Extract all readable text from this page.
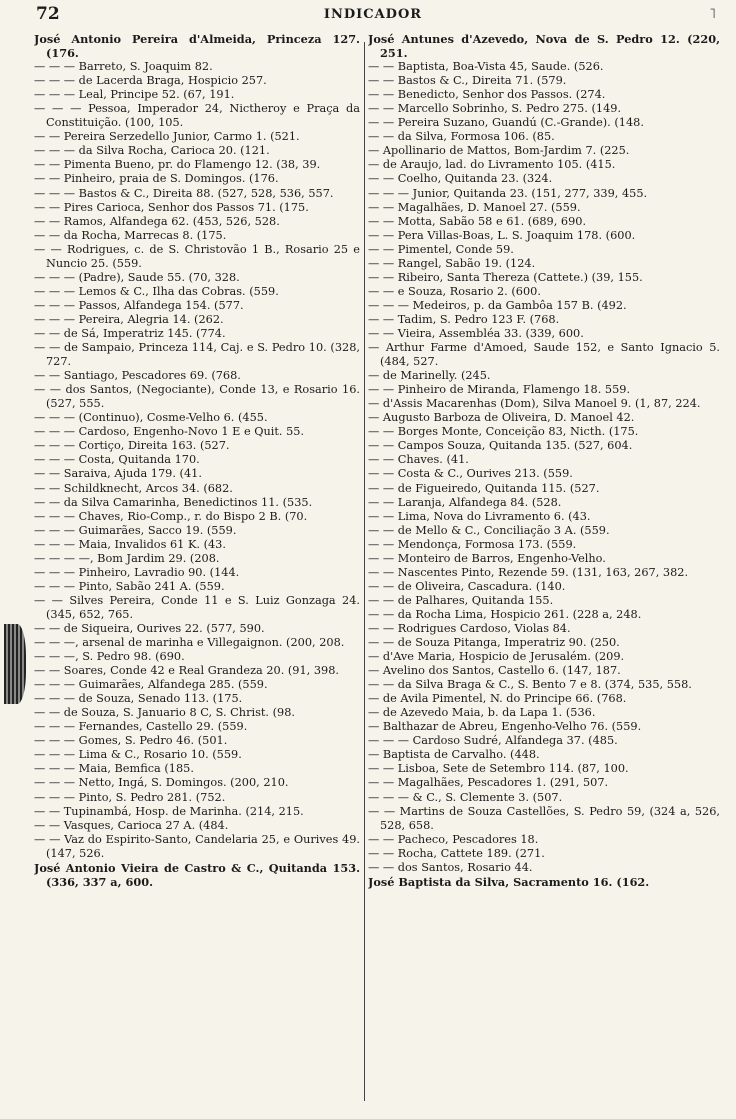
72	INDICADOR	˥
José Antonio Pereira d'Almeida, Princeza 127. (176.
— — — Barreto, S. Joaquim 82.
— — — de Lacerda Braga, Hospicio 257.
— — — Leal, Principe 52. (67, 191.
— — — Pessoa, Imperador 24, Nictheroy e Praça da Constituição. (100, 105.
— — Pereira Serzedello Junior, Carmo 1. (521.
— — — da Silva Rocha, Carioca 20. (121.
— — Pimenta Bueno, pr. do Flamengo 12. (38, 39.
— — Pinheiro, praia de S. Domingos. (176.
— — — Bastos & C., Direita 88. (527, 528, 536, 557.
— — Pires Carioca, Senhor dos Passos 71. (175.
— — Ramos, Alfandega 62. (453, 526, 528.
— — da Rocha, Marrecas 8. (175.
— — Rodrigues, c. de S. Christovão 1 B., Rosario 25 e Nuncio 25. (559.
— — — (Padre), Saude 55. (70, 328.
— — — Lemos & C., Ilha das Cobras. (559.
— — — Passos, Alfandega 154. (577.
— — — Pereira, Alegria 14. (262.
— — de Sá, Imperatriz 145. (774.
— — de Sampaio, Princeza 114, Caj. e S. Pedro 10. (328, 727.
— — Santiago, Pescadores 69. (768.
— — dos Santos, (Negociante), Conde 13, e Rosario 16. (527, 555.
— — — (Continuo), Cosme-Velho 6. (455.
— — — Cardoso, Engenho-Novo 1 E e Quit. 55.
— — — Cortiço, Direita 163. (527.
— — — Costa, Quitanda 170.
— — Saraiva, Ajuda 179. (41.
— — Schildknecht, Arcos 34. (682.
— — da Silva Camarinha, Benedictinos 11. (535.
— — — Chaves, Rio-Comp., r. do Bispo 2 B. (70.
— — — Guimarães, Sacco 19. (559.
— — — Maia, Invalidos 61 K. (43.
— — — —, Bom Jardim 29. (208.
— — — Pinheiro, Lavradio 90. (144.
— — — Pinto, Sabão 241 A. (559.
— — Silves Pereira, Conde 11 e S. Luiz Gonzaga 24. (345, 652, 765.
— — de Siqueira, Ourives 22. (577, 590.
— — —, arsenal de marinha e Villegaignon. (200, 208.
— — —, S. Pedro 98. (690.
— — Soares, Conde 42 e Real Grandeza 20. (91, 398.
— — — Guimarães, Alfandega 285. (559.
— — — de Souza, Senado 113. (175.
— — de Souza, S. Januario 8 C, S. Christ. (98.
— — — Fernandes, Castello 29. (559.
— — — Gomes, S. Pedro 46. (501.
— — — Lima & C., Rosario 10. (559.
— — — Maia, Bemfica (185.
— — — Netto, Ingá, S. Domingos. (200, 210.
— — — Pinto, S. Pedro 281. (752.
— — Tupinambá, Hosp. de Marinha. (214, 215.
— — Vasques, Carioca 27 A. (484.
— — Vaz do Espirito-Santo, Candelaria 25, e Ourives 49. (147, 526.
José Antonio Vieira de Castro & C., Quitanda 153. (336, 337 a, 600.
José Antunes d'Azevedo, Nova de S. Pedro 12. (220, 251.
— — Baptista, Boa-Vista 45, Saude. (526.
— — Bastos & C., Direita 71. (579.
— — Benedicto, Senhor dos Passos. (274.
— — Marcello Sobrinho, S. Pedro 275. (149.
— — Pereira Suzano, Guandú (C.-Grande). (148.
— — da Silva, Formosa 106. (85.
— Apollinario de Mattos, Bom-Jardim 7. (225.
— de Araujo, lad. do Livramento 105. (415.
— — Coelho, Quitanda 23. (324.
— — — Junior, Quitanda 23. (151, 277, 339, 455.
— — Magalhães, D. Manoel 27. (559.
— — Motta, Sabão 58 e 61. (689, 690.
— — Pera Villas-Boas, L. S. Joaquim 178. (600.
— — Pimentel, Conde 59.
— — Rangel, Sabão 19. (124.
— — Ribeiro, Santa Thereza (Cattete.) (39, 155.
— — e Souza, Rosario 2. (600.
— — — Medeiros, p. da Gambôa 157 B. (492.
— — Tadim, S. Pedro 123 F. (768.
— — Vieira, Assembléa 33. (339, 600.
— Arthur Farme d'Amoed, Saude 152, e Santo Ignacio 5. (484, 527.
— de Marinelly. (245.
— — Pinheiro de Miranda, Flamengo 18. 559.
— d'Assis Macarenhas (Dom), Silva Manoel 9. (1, 87, 224.
— Augusto Barboza de Oliveira, D. Manoel 42.
— — Borges Monte, Conceição 83, Nicth. (175.
— — Campos Souza, Quitanda 135. (527, 604.
— — Chaves. (41.
— — Costa & C., Ourives 213. (559.
— — de Figueiredo, Quitanda 115. (527.
— — Laranja, Alfandega 84. (528.
— — Lima, Nova do Livramento 6. (43.
— — de Mello & C., Conciliação 3 A. (559.
— — Mendonça, Formosa 173. (559.
— — Monteiro de Barros, Engenho-Velho.
— — Nascentes Pinto, Rezende 59. (131, 163, 267, 382.
— — de Oliveira, Cascadura. (140.
— — de Palhares, Quitanda 155.
— — da Rocha Lima, Hospicio 261. (228 a, 248.
— — Rodrigues Cardoso, Violas 84.
— — de Souza Pitanga, Imperatriz 90. (250.
— d'Ave Maria, Hospicio de Jerusalém. (209.
— Avelino dos Santos, Castello 6. (147, 187.
— — da Silva Braga & C., S. Bento 7 e 8. (374, 535, 558.
— de Avila Pimentel, N. do Principe 66. (768.
— de Azevedo Maia, b. da Lapa 1. (536.
— Balthazar de Abreu, Engenho-Velho 76. (559.
— — — Cardoso Sudré, Alfandega 37. (485.
— Baptista de Carvalho. (448.
— — Lisboa, Sete de Setembro 114. (87, 100.
— — Magalhães, Pescadores 1. (291, 507.
— — — & C., S. Clemente 3. (507.
— — Martins de Souza Castellões, S. Pedro 59, (324 a, 526, 528, 658.
— — Pacheco, Pescadores 18.
— — Rocha, Cattete 189. (271.
— — dos Santos, Rosario 44.
José Baptista da Silva, Sacramento 16. (162.
